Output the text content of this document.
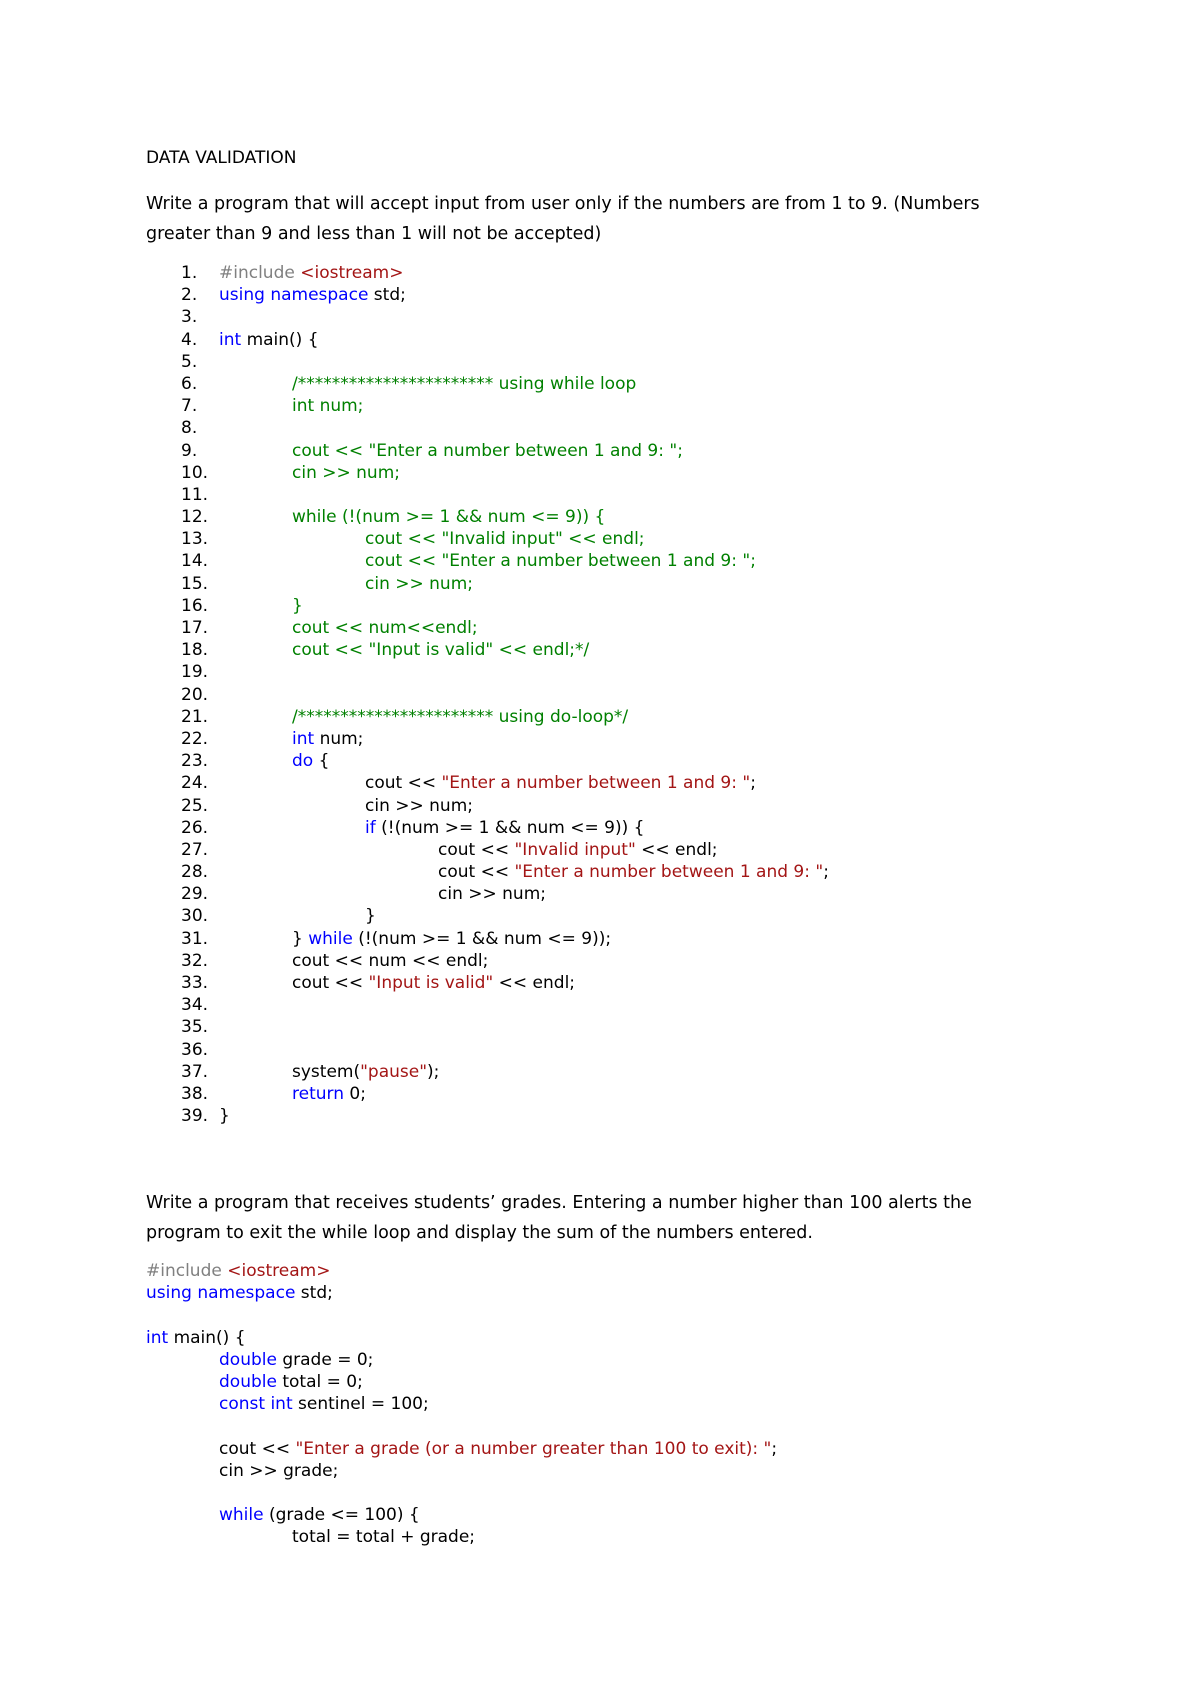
DATA VALIDATION
Write a program that will accept input from user only if the numbers are from 1 to 9. (Numbers greater than 9 and less than 1 will not be accepted)
1.	#include <iostream>
2.	using namespace std;
3.
4.	int main() {
5.
6.	/*********************** using while loop
7.	int num;
8.
9.	cout << "Enter a number between 1 and 9: ";
10.	cin >> num;
11.
12.	while (!(num >= 1 && num <= 9)) {
13.	cout << "Invalid input" << endl;
14.	cout << "Enter a number between 1 and 9: ";
15.	cin >> num;
16.	}
17.	cout << num<<endl;
18.	cout << "Input is valid" << endl;*/
19.
20.
21.	/*********************** using do-loop*/
22.	int num;
23.	do {
24.	cout << "Enter a number between 1 and 9: ";
25.	cin >> num;
26.	if (!(num >= 1 && num <= 9)) {
27.	cout << "Invalid input" << endl;
28.	cout << "Enter a number between 1 and 9: ";
29.	cin >> num;
30.	}
31.	} while (!(num >= 1 && num <= 9));
32.	cout << num << endl;
33.	cout << "Input is valid" << endl;
34.
35.
36.
37.	system("pause");
38.	return 0;
39. }
Write a program that receives students’ grades. Entering a number higher than 100 alerts the program to exit the while loop and display the sum of the numbers entered.
#include <iostream>
using namespace std;
int main() {
double grade = 0;
double total = 0;
const int sentinel = 100;
cout << "Enter a grade (or a number greater than 100 to exit): ";
cin >> grade;
while (grade <= 100) {
total = total + grade;
